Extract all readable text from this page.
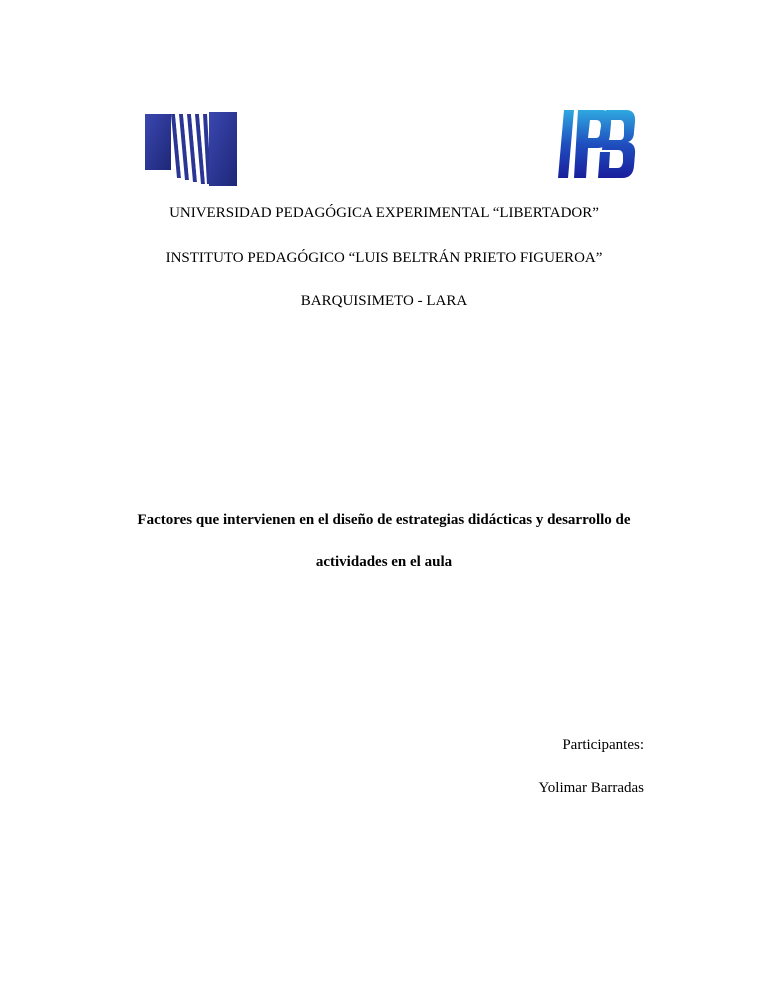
UNIVERSIDAD PEDAGÓGICA EXPERIMENTAL “LIBERTADOR”
INSTITUTO PEDAGÓGICO “LUIS BELTRÁN PRIETO FIGUEROA”
BARQUISIMETO - LARA
Factores que intervienen en el diseño de estrategias didácticas y desarrollo de
actividades en el aula
Participantes:
Yolimar Barradas
